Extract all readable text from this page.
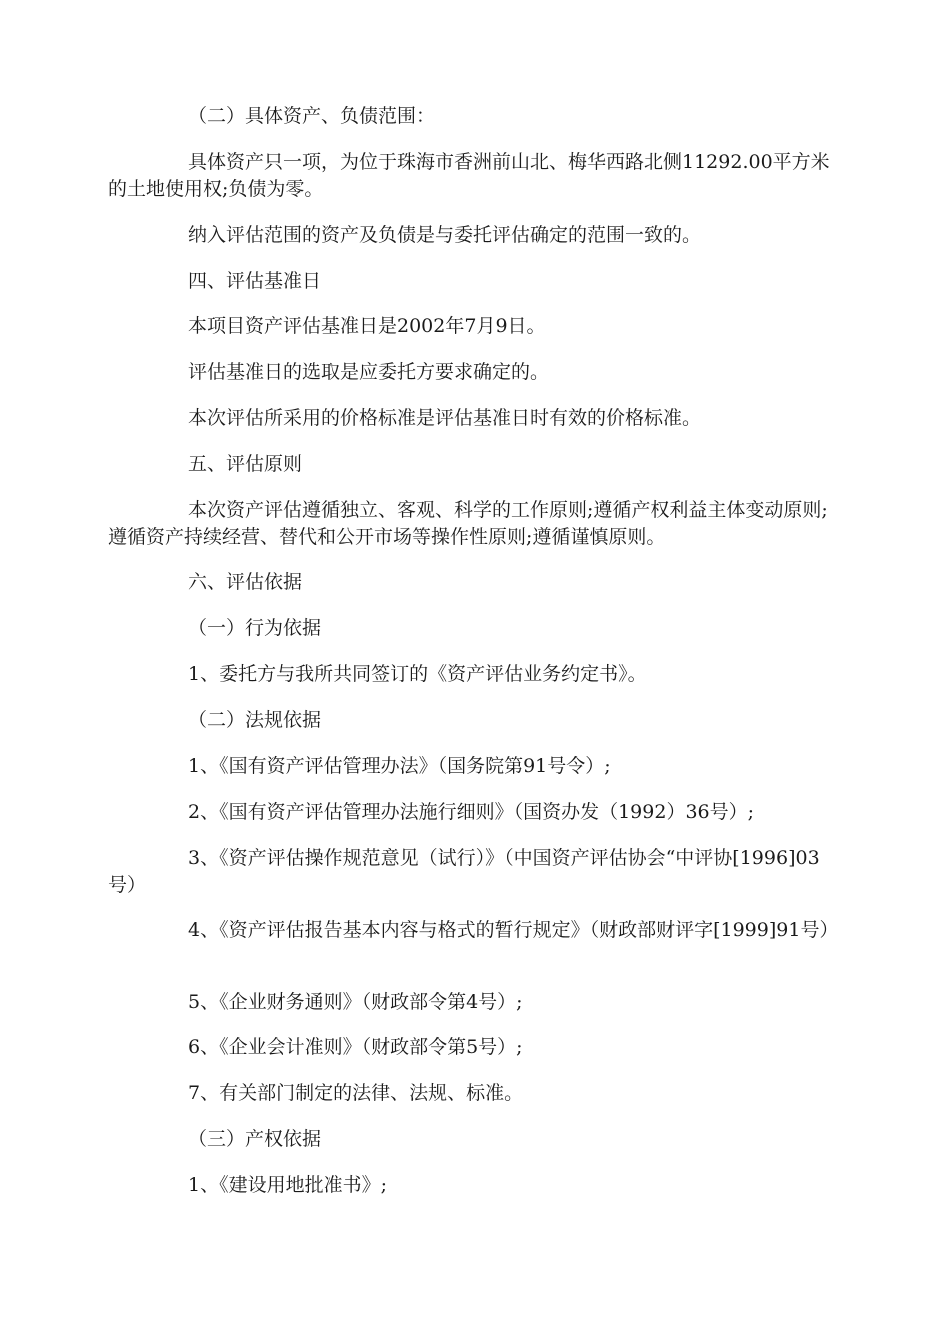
（二）具体资产、负债范围：

具体资产只一项，为位于珠海市香洲前山北、梅华西路北侧11292.00平方米的土地使用权;负债为零。

纳入评估范围的资产及负债是与委托评估确定的范围一致的。

四、评估基准日

本项目资产评估基准日是2002年7月9日。

评估基准日的选取是应委托方要求确定的。

本次评估所采用的价格标准是评估基准日时有效的价格标准。

五、评估原则

本次资产评估遵循独立、客观、科学的工作原则;遵循产权利益主体变动原则;遵循资产持续经营、替代和公开市场等操作性原则;遵循谨慎原则。

六、评估依据

（一）行为依据

1、委托方与我所共同签订的《资产评估业务约定书》。

（二）法规依据

1、《国有资产评估管理办法》（国务院第91号令）;

2、《国有资产评估管理办法施行细则》（国资办发（1992）36号）;

3、《资产评估操作规范意见（试行）》（中国资产评估协会“中评协[1996]03号）

4、《资产评估报告基本内容与格式的暂行规定》（财政部财评字[1999]91号）

5、《企业财务通则》（财政部令第4号）;

6、《企业会计准则》（财政部令第5号）;

7、有关部门制定的法律、法规、标准。

（三）产权依据

1、《建设用地批准书》;
